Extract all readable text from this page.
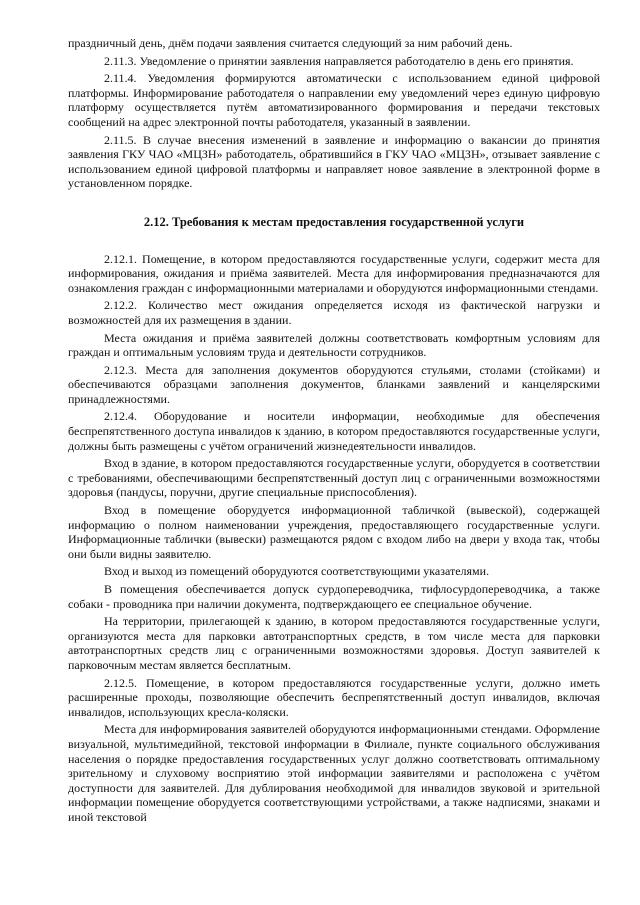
праздничный день, днём подачи заявления считается следующий за ним рабочий день.

2.11.3. Уведомление о принятии заявления направляется работодателю в день его принятия.

2.11.4. Уведомления формируются автоматически с использованием единой цифровой платформы. Информирование работодателя о направлении ему уведомлений через единую цифровую платформу осуществляется путём автоматизированного формирования и передачи текстовых сообщений на адрес электронной почты работодателя, указанный в заявлении.

2.11.5. В случае внесения изменений в заявление и информацию о вакансии до принятия заявления ГКУ ЧАО «МЦЗН» работодатель, обратившийся в ГКУ ЧАО «МЦЗН», отзывает заявление с использованием единой цифровой платформы и направляет новое заявление в электронной форме в установленном порядке.

2.12. Требования к местам предоставления государственной услуги

2.12.1. Помещение, в котором предоставляются государственные услуги, содержит места для информирования, ожидания и приёма заявителей. Места для информирования предназначаются для ознакомления граждан с информационными материалами и оборудуются информационными стендами.

2.12.2. Количество мест ожидания определяется исходя из фактической нагрузки и возможностей для их размещения в здании.

Места ожидания и приёма заявителей должны соответствовать комфортным условиям для граждан и оптимальным условиям труда и деятельности сотрудников.

2.12.3. Места для заполнения документов оборудуются стульями, столами (стойками) и обеспечиваются образцами заполнения документов, бланками заявлений и канцелярскими принадлежностями.

2.12.4. Оборудование и носители информации, необходимые для обеспечения беспрепятственного доступа инвалидов к зданию, в котором предоставляются государственные услуги, должны быть размещены с учётом ограничений жизнедеятельности инвалидов.

Вход в здание, в котором предоставляются государственные услуги, оборудуется в соответствии с требованиями, обеспечивающими беспрепятственный доступ лиц с ограниченными возможностями здоровья (пандусы, поручни, другие специальные приспособления).

Вход в помещение оборудуется информационной табличкой (вывеской), содержащей информацию о полном наименовании учреждения, предоставляющего государственные услуги. Информационные таблички (вывески) размещаются рядом с входом либо на двери у входа так, чтобы они были видны заявителю.

Вход и выход из помещений оборудуются соответствующими указателями.

В помещения обеспечивается допуск сурдопереводчика, тифлосурдопереводчика, а также собаки - проводника при наличии документа, подтверждающего ее специальное обучение.

На территории, прилегающей к зданию, в котором предоставляются государственные услуги, организуются места для парковки автотранспортных средств, в том числе места для парковки автотранспортных средств лиц с ограниченными возможностями здоровья. Доступ заявителей к парковочным местам является бесплатным.

2.12.5. Помещение, в котором предоставляются государственные услуги, должно иметь расширенные проходы, позволяющие обеспечить беспрепятственный доступ инвалидов, включая инвалидов, использующих кресла-коляски.

Места для информирования заявителей оборудуются информационными стендами. Оформление визуальной, мультимедийной, текстовой информации в Филиале, пункте социального обслуживания населения о порядке предоставления государственных услуг должно соответствовать оптимальному зрительному и слуховому восприятию этой информации заявителями и расположена с учётом доступности для заявителей. Для дублирования необходимой для инвалидов звуковой и зрительной информации помещение оборудуется соответствующими устройствами, а также надписями, знаками и иной текстовой
